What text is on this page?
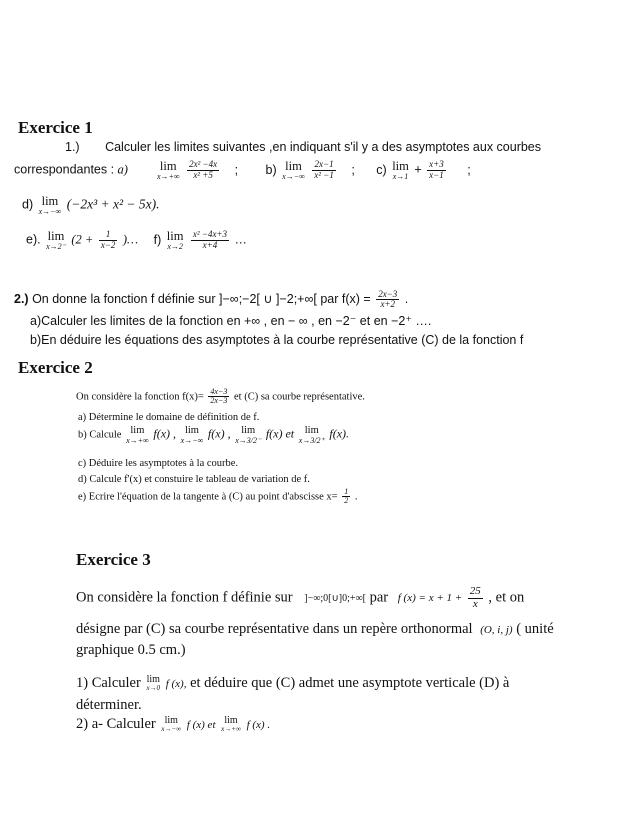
Exercice 1
1.) Calculer les limites suivantes ,en indiquant s'il y a des asymptotes aux courbes
correspondantes : a)	lim
x→+∞
$\frac{\text{2x² −4x}}{\text{x² +5}}$ ; b) lim
x→−∞
$\frac{2x-1}{\text{x² −1}}$ ; c) lim
$x\to 1 + \frac{x+3}{x-1}$ ;
d) lim
x→−∞ (−2x³ + x² − 5x).
e). lim
x→2⁻ ($2 + \frac{1}{x-2}$ )… f) lim
x→2
$\frac{\text{x² −4x+3}}{x+4}$ …
2.) On donne la fonction f définie sur ]−∞;−2[ ∪ ]−2;+∞[ par $f(x) = \frac{2x-3}{x+2}$ .
a)Calculer les limites de la fonction en +∞ , en − ∞ , en −2⁻ et en −2⁺ ….
b)En déduire les équations des asymptotes à la courbe représentative (C) de la fonction f
Exercice 2
On considère la fonction $f(x)= \frac{4x-3}{2x-3}$ et (C) sa courbe représentative.
a) Détermine le domaine de définition de f.
b) Calcule lim
x→+∞ f(x) , lim
x→−∞ f(x) ,	lim
x→3/2⁻ f(x) et	lim
x→3/2⁺ f(x).
c) Déduire les asymptotes à la courbe.
d) Calcule f'(x) et constuire le tableau de variation de f.
e) Ecrire l'équation de la tangente à (C) au point d'abscisse $x= \frac{1}{2}$ .
Exercice 3
On considère la fonction f définie sur ]−∞;0[∪]0;+∞[ par f $(x) = x + 1 + \frac{25}{x}$ , et on
désigne par (C) sa courbe représentative dans un repère orthonormal (O, i, j) ( unité
graphique 0.5 cm.)
1) Calculer lim
x→0 f (x), et déduire que (C) admet une asymptote verticale (D) à
déterminer.
2) a- Calculer lim
x→−∞ f (x) et lim
x→+∞ f (x) .
